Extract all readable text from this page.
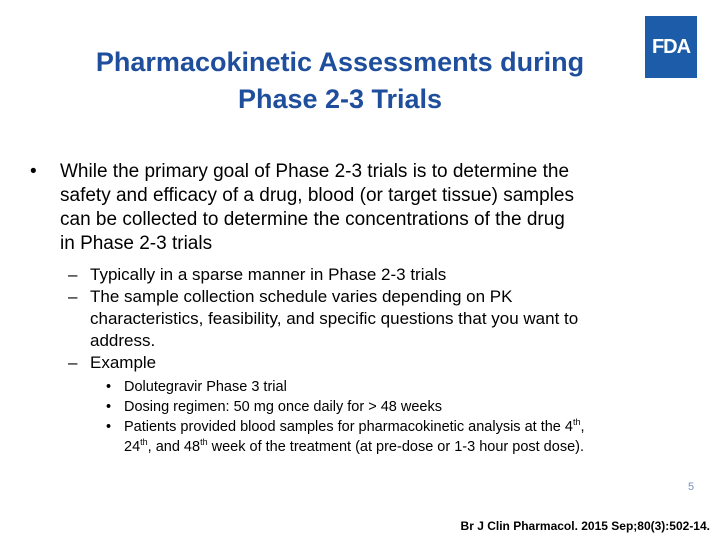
Pharmacokinetic Assessments during
Phase 2-3 Trials
FDA
• While the primary goal of Phase 2-3 trials is to determine the
safety and efficacy of a drug, blood (or target tissue) samples
can be collected to determine the concentrations of the drug
in Phase 2-3 trials
– Typically in a sparse manner in Phase 2-3 trials
– The sample collection schedule varies depending on PK
characteristics, feasibility, and specific questions that you want to
address.
– Example
• Dolutegravir Phase 3 trial
• Dosing regimen: 50 mg once daily for > 48 weeks
• Patients provided blood samples for pharmacokinetic analysis at the 4th,
24th, and 48th week of the treatment (at pre-dose or 1-3 hour post dose).
5
Br J Clin Pharmacol. 2015 Sep;80(3):502-14.
